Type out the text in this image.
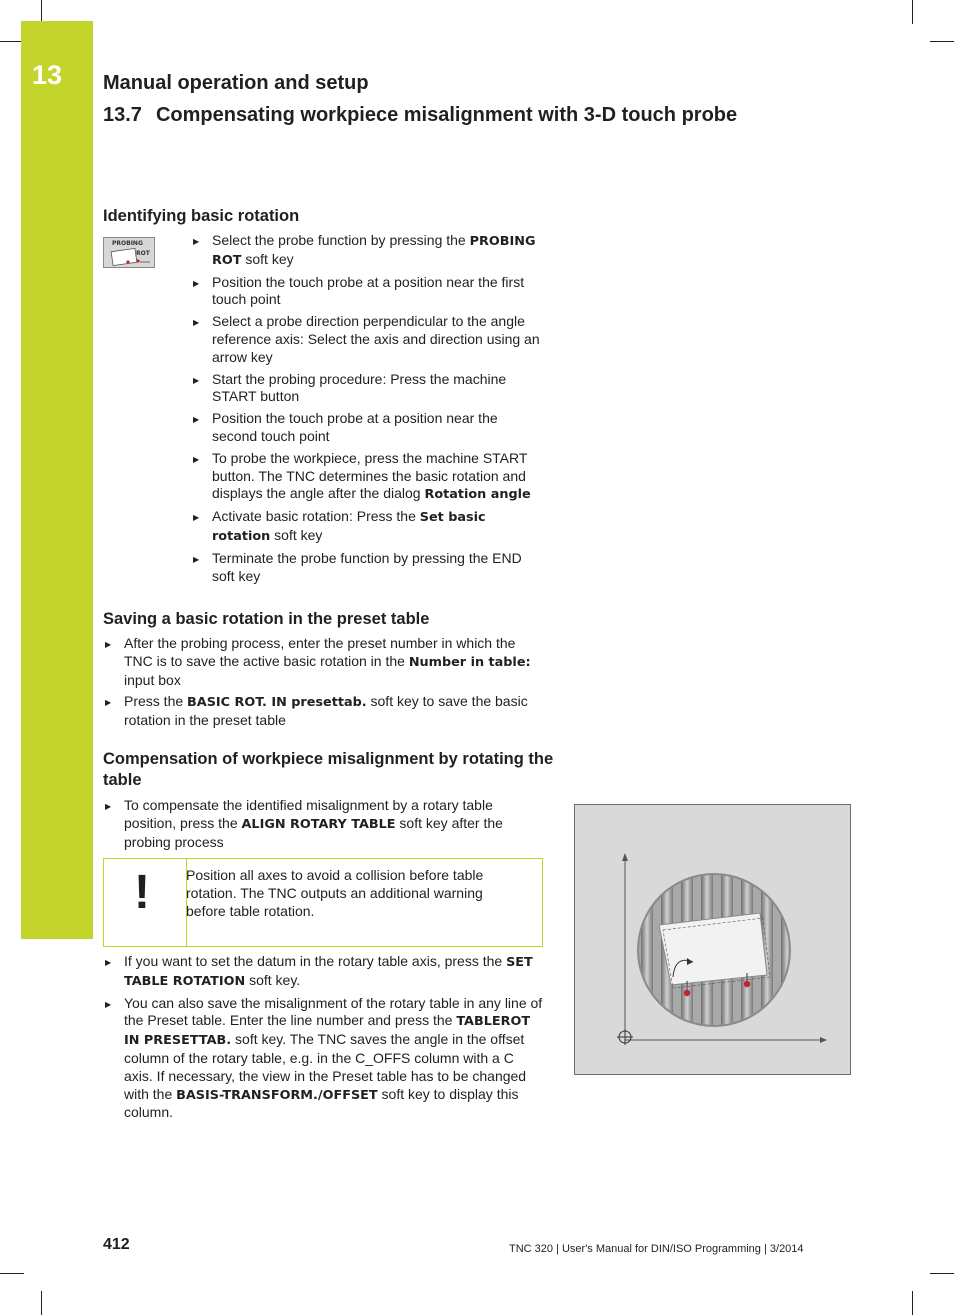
13	Manual operation and setup
13.7 Compensating workpiece misalignment with 3-D touch probe
Identifying basic rotation
PROBING
ROT
▶ Select the probe function by pressing the PROBING ROT soft key
▶ Position the touch probe at a position near the first touch point
▶ Select a probe direction perpendicular to the angle reference axis: Select the axis and direction using an arrow key
▶ Start the probing procedure: Press the machine START button
▶ Position the touch probe at a position near the second touch point
▶ To probe the workpiece, press the machine START button. The TNC determines the basic rotation and displays the angle after the dialog Rotation angle
▶ Activate basic rotation: Press the Set basic rotation soft key
▶ Terminate the probe function by pressing the END soft key
Saving a basic rotation in the preset table
▶ After the probing process, enter the preset number in which the TNC is to save the active basic rotation in the Number in table: input box
▶ Press the BASIC ROT. IN presettab. soft key to save the basic rotation in the preset table
Compensation of workpiece misalignment by rotating the table
▶ To compensate the identified misalignment by a rotary table position, press the ALIGN ROTARY TABLE soft key after the probing process
!	Position all axes to avoid a collision before table rotation. The TNC outputs an additional warning before table rotation.
▶ If you want to set the datum in the rotary table axis, press the SET TABLE ROTATION soft key.
▶ You can also save the misalignment of the rotary table in any line of the Preset table. Enter the line number and press the TABLEROT IN PRESETTAB. soft key. The TNC saves the angle in the offset column of the rotary table, e.g. in the C_OFFS column with a C axis. If necessary, the view in the Preset table has to be changed with the BASIS-TRANSFORM./OFFSET soft key to display this column.
412	TNC 320 | User's Manual for DIN/ISO Programming | 3/2014
